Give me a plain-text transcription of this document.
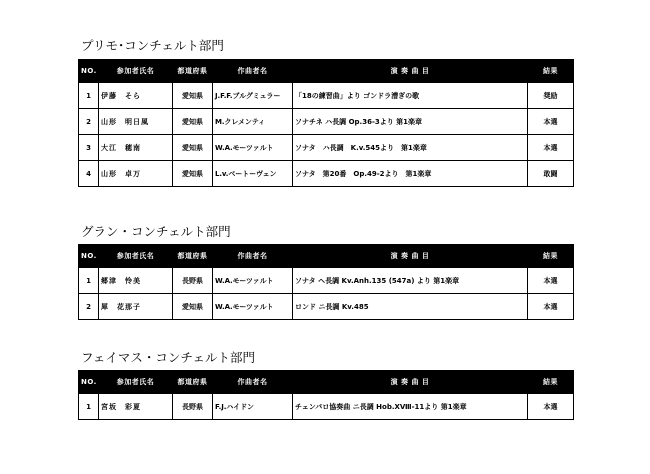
プリモ･コンチェルト部門
NO.	参加者氏名	都道府県	作曲者名	演 奏 曲 目	結果
1	伊藤　そら	愛知県	J.F.F.ブルグミュラー	「18の練習曲」より ゴンドラ漕ぎの歌	奨励
2	山形　明日風	愛知県	M.クレメンティ	ソナチネ ハ長調 Op.36-3より 第1楽章	本選
3	大江　穂南	愛知県	W.A.モーツァルト	ソナタ　ハ長調　K.v.545より　第1楽章	本選
4	山形　卓万	愛知県	L.v.ベートーヴェン	ソナタ　第20番　Op.49-2より　第1楽章	敢闘
グラン・コンチェルト部門
NO.	参加者氏名	都道府県	作曲者名	演 奏 曲 目	結果
1	郷津　怜美	長野県	W.A.モーツァルト	ソナタ ヘ長調 Kv.Anh.135 (547a) より 第1楽章	本選
2	犀　花那子	愛知県	W.A.モーツァルト	ロンド ニ長調 Kv.485	本選
フェイマス・コンチェルト部門
NO.	参加者氏名	都道府県	作曲者名	演 奏 曲 目	結果
1	宮坂　彩夏	長野県	F.J.ハイドン	チェンバロ協奏曲 ニ長調 Hob.ⅩⅧ-11より 第1楽章	本選
